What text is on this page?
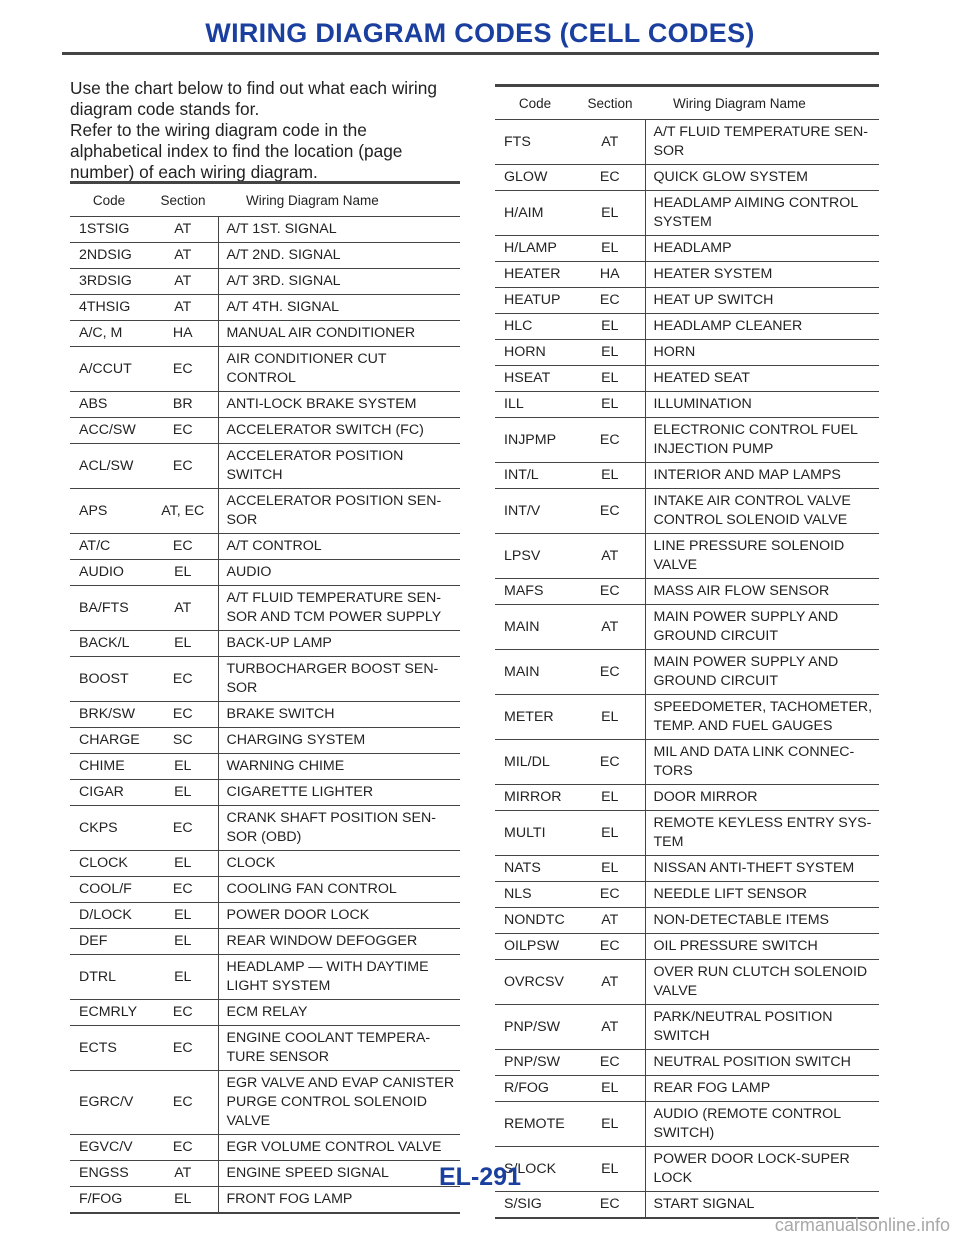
WIRING DIAGRAM CODES (CELL CODES)

Use the chart below to find out what each wiring diagram code stands for.

Refer to the wiring diagram code in the alphabetical index to find the location (page number) of each wiring diagram.

Code	Section	Wiring Diagram Name
1STSIG	AT	A/T 1ST. SIGNAL
2NDSIG	AT	A/T 2ND. SIGNAL
3RDSIG	AT	A/T 3RD. SIGNAL
4THSIG	AT	A/T 4TH. SIGNAL
A/C, M	HA	MANUAL AIR CONDITIONER
A/CCUT	EC	AIR CONDITIONER CUT CONTROL
ABS	BR	ANTI-LOCK BRAKE SYSTEM
ACC/SW	EC	ACCELERATOR SWITCH (FC)
ACL/SW	EC	ACCELERATOR POSITION
SWITCH
APS	AT, EC	ACCELERATOR POSITION SEN-
SOR
AT/C	EC	A/T CONTROL
AUDIO	EL	AUDIO
BA/FTS	AT	A/T FLUID TEMPERATURE SEN-
SOR AND TCM POWER SUPPLY
BACK/L	EL	BACK-UP LAMP
BOOST	EC	TURBOCHARGER BOOST SEN-
SOR
BRK/SW	EC	BRAKE SWITCH
CHARGE	SC	CHARGING SYSTEM
CHIME	EL	WARNING CHIME
CIGAR	EL	CIGARETTE LIGHTER
CKPS	EC	CRANK SHAFT POSITION SEN-
SOR (OBD)
CLOCK	EL	CLOCK
COOL/F	EC	COOLING FAN CONTROL
D/LOCK	EL	POWER DOOR LOCK
DEF	EL	REAR WINDOW DEFOGGER
DTRL	EL	HEADLAMP — WITH DAYTIME
LIGHT SYSTEM
ECMRLY	EC	ECM RELAY
ECTS	EC	ENGINE COOLANT TEMPERA-
TURE SENSOR
EGRC/V	EC	EGR VALVE AND EVAP CANISTER
PURGE CONTROL SOLENOID
VALVE
EGVC/V	EC	EGR VOLUME CONTROL VALVE
ENGSS	AT	ENGINE SPEED SIGNAL
F/FOG	EL	FRONT FOG LAMP
Code	Section	Wiring Diagram Name
FTS	AT	A/T FLUID TEMPERATURE SEN-
SOR
GLOW	EC	QUICK GLOW SYSTEM
H/AIM	EL	HEADLAMP AIMING CONTROL
SYSTEM
H/LAMP	EL	HEADLAMP
HEATER	HA	HEATER SYSTEM
HEATUP	EC	HEAT UP SWITCH
HLC	EL	HEADLAMP CLEANER
HORN	EL	HORN
HSEAT	EL	HEATED SEAT
ILL	EL	ILLUMINATION
INJPMP	EC	ELECTRONIC CONTROL FUEL
INJECTION PUMP
INT/L	EL	INTERIOR AND MAP LAMPS
INT/V	EC	INTAKE AIR CONTROL VALVE
CONTROL SOLENOID VALVE
LPSV	AT	LINE PRESSURE SOLENOID
VALVE
MAFS	EC	MASS AIR FLOW SENSOR
MAIN	AT	MAIN POWER SUPPLY AND
GROUND CIRCUIT
MAIN	EC	MAIN POWER SUPPLY AND
GROUND CIRCUIT
METER	EL	SPEEDOMETER, TACHOMETER,
TEMP. AND FUEL GAUGES
MIL/DL	EC	MIL AND DATA LINK CONNEC-
TORS
MIRROR	EL	DOOR MIRROR
MULTI	EL	REMOTE KEYLESS ENTRY SYS-
TEM
NATS	EL	NISSAN ANTI-THEFT SYSTEM
NLS	EC	NEEDLE LIFT SENSOR
NONDTC	AT	NON-DETECTABLE ITEMS
OILPSW	EC	OIL PRESSURE SWITCH
OVRCSV	AT	OVER RUN CLUTCH SOLENOID
VALVE
PNP/SW	AT	PARK/NEUTRAL POSITION
SWITCH
PNP/SW	EC	NEUTRAL POSITION SWITCH
R/FOG	EL	REAR FOG LAMP
REMOTE	EL	AUDIO (REMOTE CONTROL
SWITCH)
S/LOCK	EL	POWER DOOR LOCK-SUPER
LOCK
S/SIG	EC	START SIGNAL
EL-291
carmanualsonline.info
